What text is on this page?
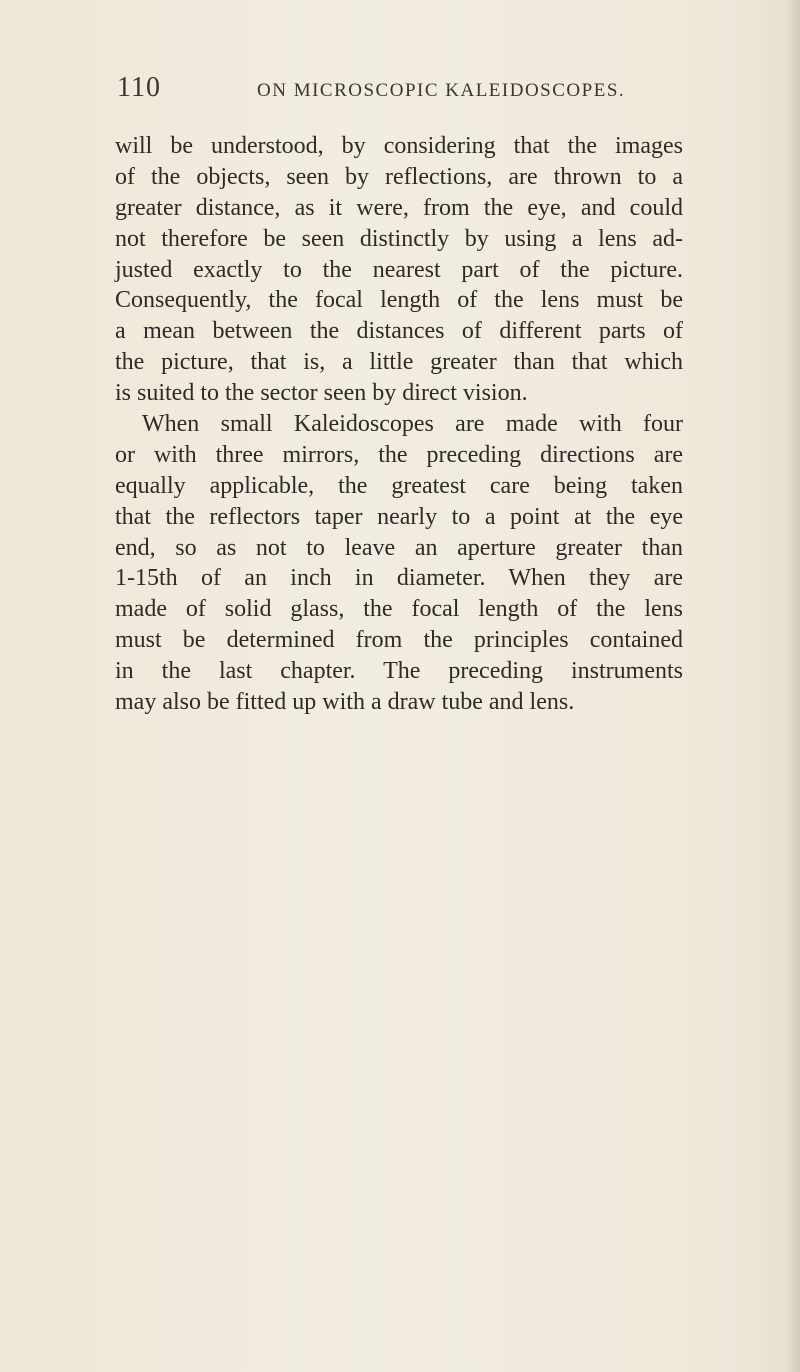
110	ON MICROSCOPIC KALEIDOSCOPES.
will be understood, by considering that the images
of the objects, seen by reflections, are thrown to a
greater distance, as it were, from the eye, and could
not therefore be seen distinctly by using a lens ad-
justed exactly to the nearest part of the picture.
Consequently, the focal length of the lens must be
a mean between the distances of different parts of
the picture, that is, a little greater than that which
is suited to the sector seen by direct vision.
When small Kaleidoscopes are made with four
or with three mirrors, the preceding directions are
equally applicable, the greatest care being taken
that the reflectors taper nearly to a point at the eye
end, so as not to leave an aperture greater than
1-15th of an inch in diameter. When they are
made of solid glass, the focal length of the lens
must be determined from the principles contained
in the last chapter. The preceding instruments
may also be fitted up with a draw tube and lens.
